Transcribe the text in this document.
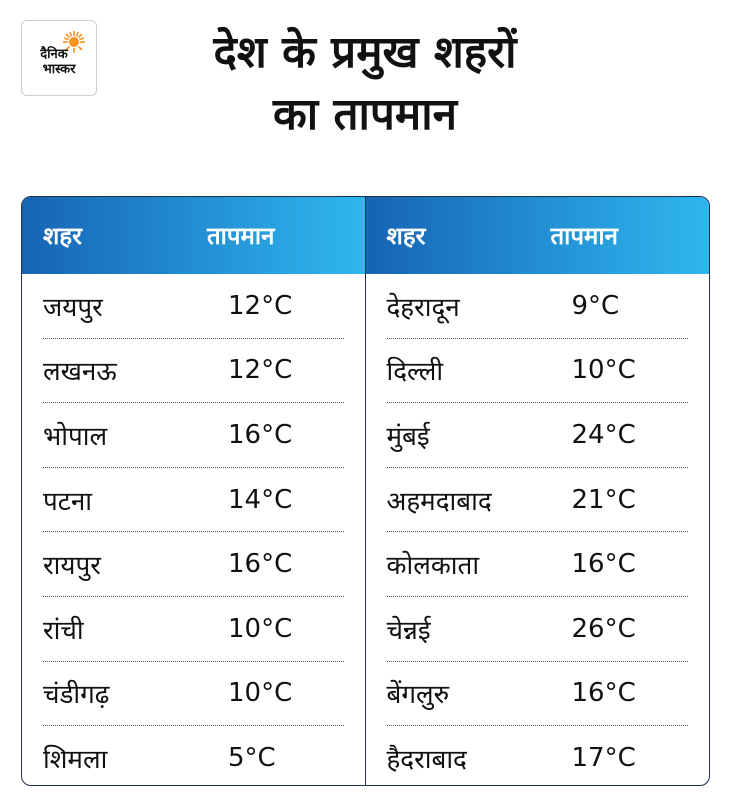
दैनिक
भास्कर	देश के प्रमुख शहरों
का तापमान
शहर	तापमान
जयपुर	12°C
लखनऊ	12°C
भोपाल	16°C
पटना	14°C
रायपुर	16°C
रांची	10°C
चंडीगढ़	10°C
शिमला	5°C
शहर	तापमान
देहरादून	9°C
दिल्ली	10°C
मुंबई	24°C
अहमदाबाद	21°C
कोलकाता	16°C
चेन्नई	26°C
बेंगलुरु	16°C
हैदराबाद	17°C
